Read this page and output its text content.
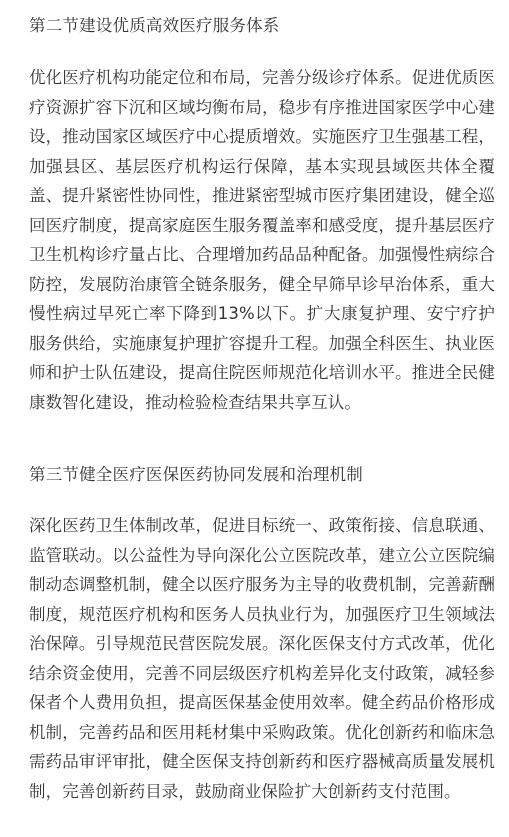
第二节建设优质高效医疗服务体系
优化医疗机构功能定位和布局，完善分级诊疗体系。促进优质医疗资源扩容下沉和区域均衡布局，稳步有序推进国家医学中心建设，推动国家区域医疗中心提质增效。实施医疗卫生强基工程，加强县区、基层医疗机构运行保障，基本实现县域医共体全覆盖、提升紧密性协同性，推进紧密型城市医疗集团建设，健全巡回医疗制度，提高家庭医生服务覆盖率和感受度，提升基层医疗卫生机构诊疗量占比、合理增加药品品种配备。加强慢性病综合防控，发展防治康管全链条服务，健全早筛早诊早治体系，重大慢性病过早死亡率下降到13%以下。扩大康复护理、安宁疗护服务供给，实施康复护理扩容提升工程。加强全科医生、执业医师和护士队伍建设，提高住院医师规范化培训水平。推进全民健康数智化建设，推动检验检查结果共享互认。
第三节健全医疗医保医药协同发展和治理机制
深化医药卫生体制改革，促进目标统一、政策衔接、信息联通、监管联动。以公益性为导向深化公立医院改革，建立公立医院编制动态调整机制，健全以医疗服务为主导的收费机制，完善薪酬制度，规范医疗机构和医务人员执业行为，加强医疗卫生领域法治保障。引导规范民营医院发展。深化医保支付方式改革，优化结余资金使用，完善不同层级医疗机构差异化支付政策，减轻参保者个人费用负担，提高医保基金使用效率。健全药品价格形成机制，完善药品和医用耗材集中采购政策。优化创新药和临床急需药品审评审批，健全医保支持创新药和医疗器械高质量发展机制，完善创新药目录，鼓励商业保险扩大创新药支付范围。
